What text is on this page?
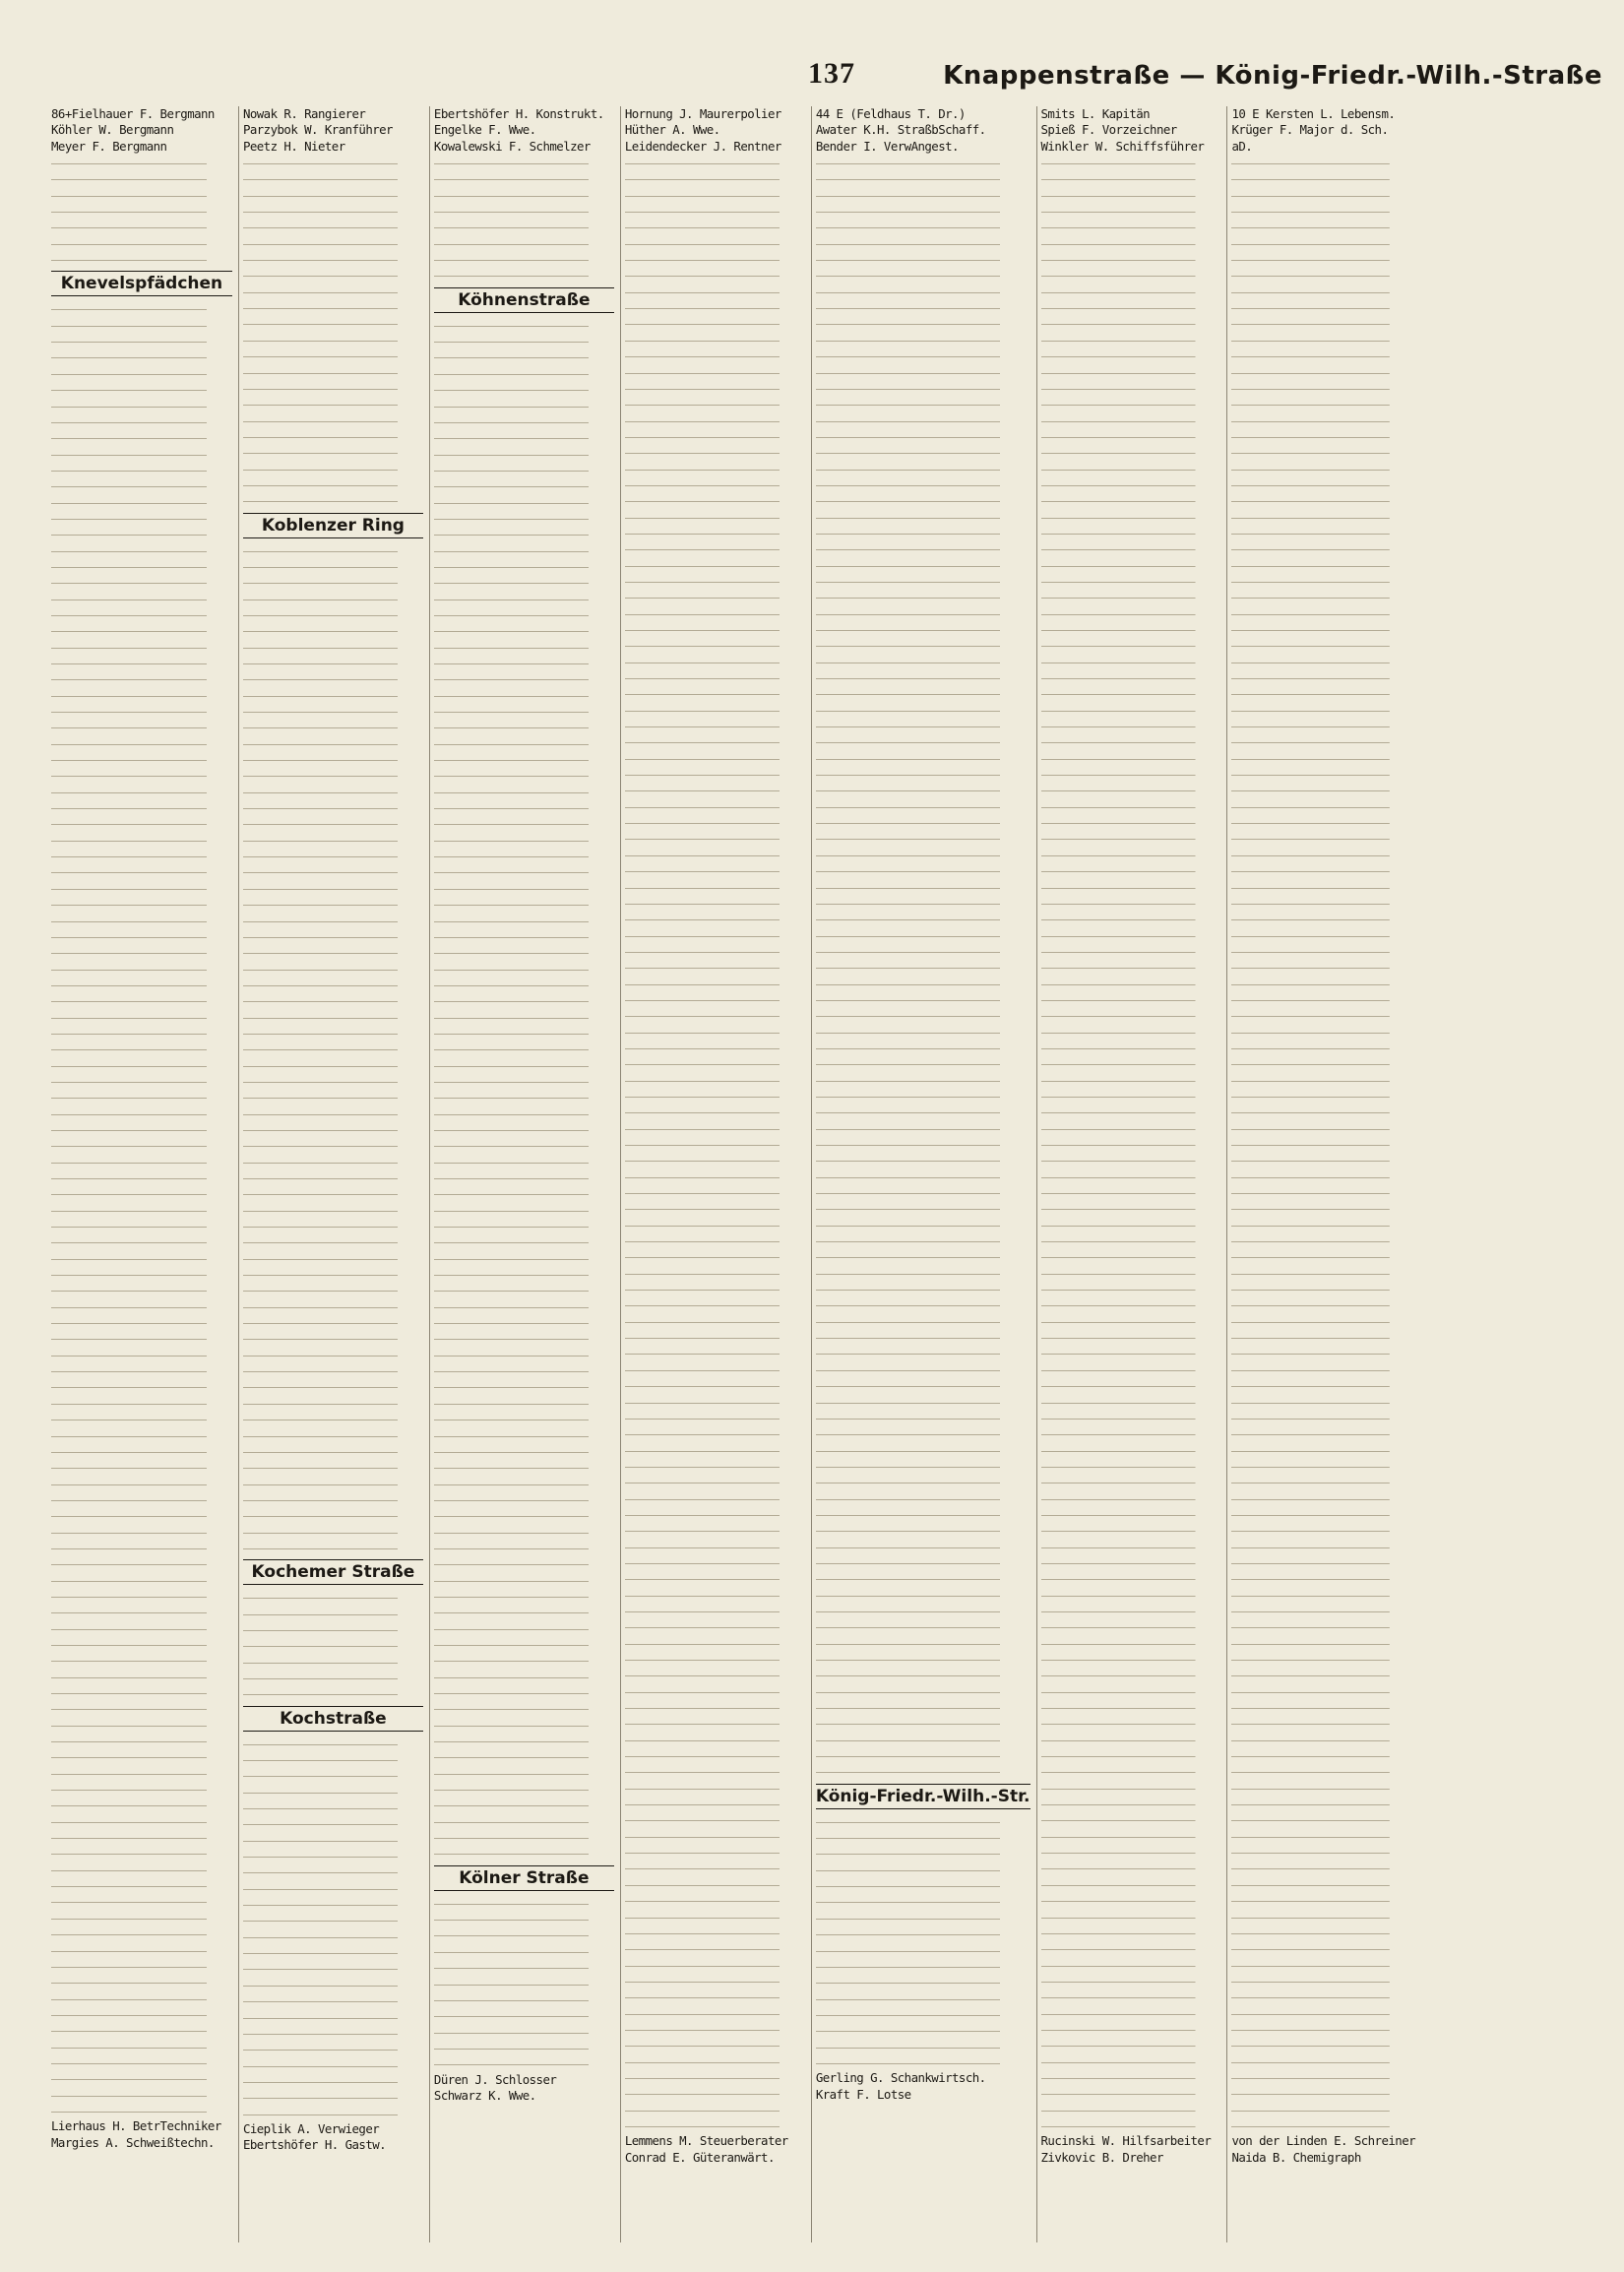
137	Knappenstraße — König-Friedr.-Wilh.-Straße
86+Fielhauer F. Bergmann
Köhler W. Bergmann
Meyer F. Bergmann
Knevelspfädchen
Lierhaus H. BetrTechniker
Margies A. Schweißtechn.
Nowak R. Rangierer
Parzybok W. Kranführer
Peetz H. Nieter
Koblenzer Ring
Kochemer Straße
Kochstraße
Cieplik A. Verwieger
Ebertshöfer H. Gastw.
Ebertshöfer H. Konstrukt.
Engelke F. Wwe.
Kowalewski F. Schmelzer
Köhnenstraße
Kölner Straße
Düren J. Schlosser
Schwarz K. Wwe.
Hornung J. Maurerpolier
Hüther A. Wwe.
Leidendecker J. Rentner
Lemmens M. Steuerberater
Conrad E. Güteranwärt.
44 E (Feldhaus T. Dr.)
Awater K.H. StraßbSchaff.
Bender I. VerwAngest.
König-Friedr.-Wilh.-Str.
Gerling G. Schankwirtsch.
Kraft F. Lotse
Smits L. Kapitän
Spieß F. Vorzeichner
Winkler W. Schiffsführer
Rucinski W. Hilfsarbeiter
Zivkovic B. Dreher
10 E Kersten L. Lebensm.
Krüger F. Major d. Sch.
aD.
von der Linden E. Schreiner
Naida B. Chemigraph
